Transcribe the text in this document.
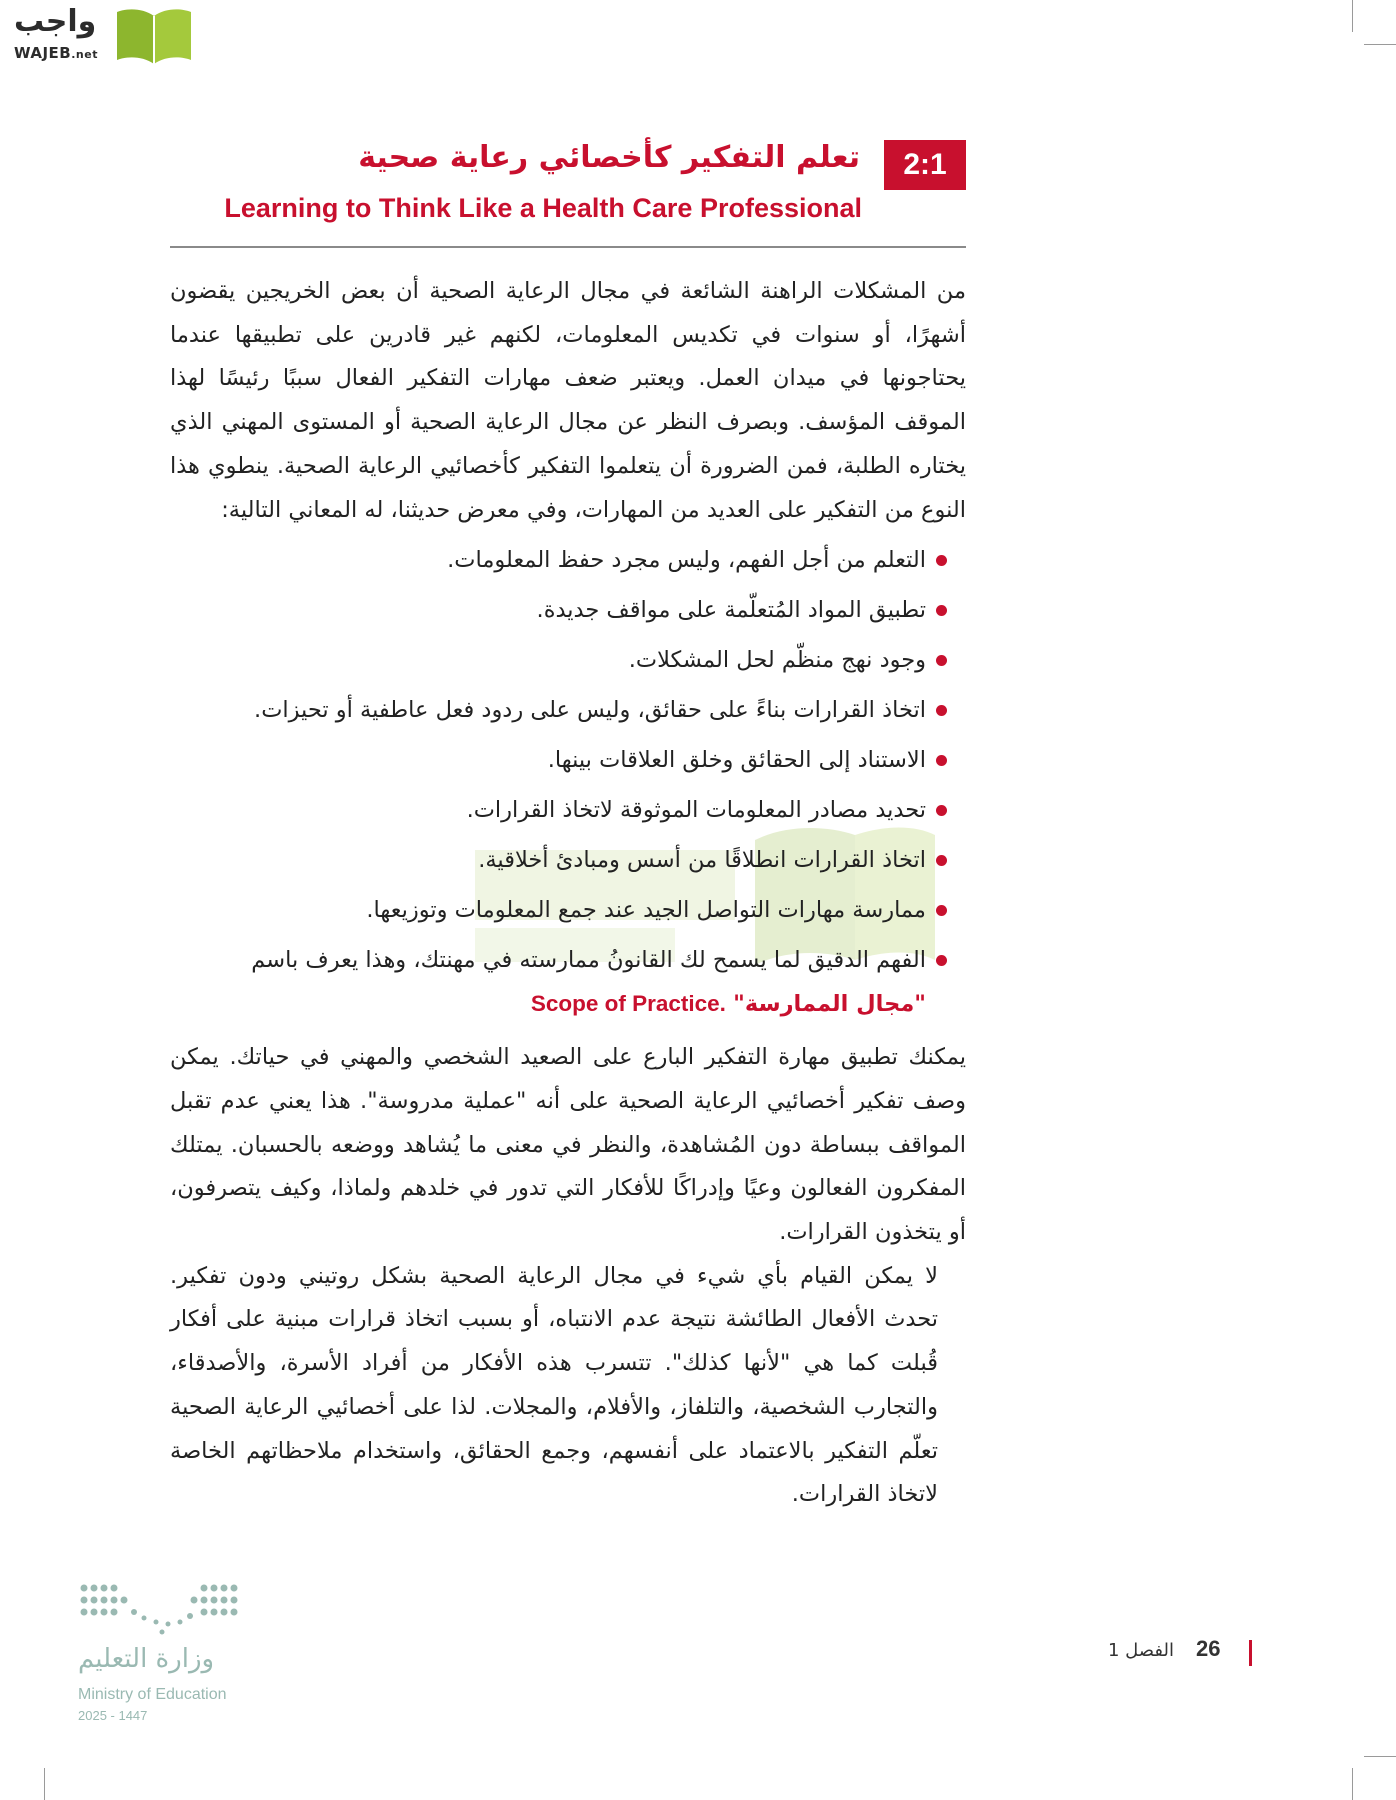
واجب
WAJEB.net
2:1
تعلم التفكير كأخصائي رعاية صحية
Learning to Think Like a Health Care Professional

من المشكلات الراهنة الشائعة في مجال الرعاية الصحية أن بعض الخريجين يقضون أشهرًا، أو سنوات في تكديس المعلومات، لكنهم غير قادرين على تطبيقها عندما يحتاجونها في ميدان العمل. ويعتبر ضعف مهارات التفكير الفعال سببًا رئيسًا لهذا الموقف المؤسف. وبصرف النظر عن مجال الرعاية الصحية أو المستوى المهني الذي يختاره الطلبة، فمن الضرورة أن يتعلموا التفكير كأخصائيي الرعاية الصحية. ينطوي هذا النوع من التفكير على العديد من المهارات، وفي معرض حديثنا، له المعاني التالية:

التعلم من أجل الفهم، وليس مجرد حفظ المعلومات.
تطبيق المواد المُتعلّمة على مواقف جديدة.
وجود نهج منظّم لحل المشكلات.
اتخاذ القرارات بناءً على حقائق، وليس على ردود فعل عاطفية أو تحيزات.
الاستناد إلى الحقائق وخلق العلاقات بينها.
تحديد مصادر المعلومات الموثوقة لاتخاذ القرارات.
اتخاذ القرارات انطلاقًا من أسس ومبادئ أخلاقية.
ممارسة مهارات التواصل الجيد عند جمع المعلومات وتوزيعها.
الفهم الدقيق لما يسمح لك القانونُ ممارسته في مهنتك، وهذا يعرف باسم
"مجال الممارسة" Scope of Practice.

يمكنك تطبيق مهارة التفكير البارع على الصعيد الشخصي والمهني في حياتك. يمكن وصف تفكير أخصائيي الرعاية الصحية على أنه "عملية مدروسة". هذا يعني عدم تقبل المواقف ببساطة دون المُشاهدة، والنظر في معنى ما يُشاهد ووضعه بالحسبان. يمتلك المفكرون الفعالون وعيًا وإدراكًا للأفكار التي تدور في خلدهم ولماذا، وكيف يتصرفون، أو يتخذون القرارات.

لا يمكن القيام بأي شيء في مجال الرعاية الصحية بشكل روتيني ودون تفكير. تحدث الأفعال الطائشة نتيجة عدم الانتباه، أو بسبب اتخاذ قرارات مبنية على أفكار قُبلت كما هي "لأنها كذلك". تتسرب هذه الأفكار من أفراد الأسرة، والأصدقاء، والتجارب الشخصية، والتلفاز، والأفلام، والمجلات. لذا على أخصائيي الرعاية الصحية تعلّم التفكير بالاعتماد على أنفسهم، وجمع الحقائق، واستخدام ملاحظاتهم الخاصة لاتخاذ القرارات.

وزارة التعليم
Ministry of Education
2025 - 1447
26
الفصل 1
